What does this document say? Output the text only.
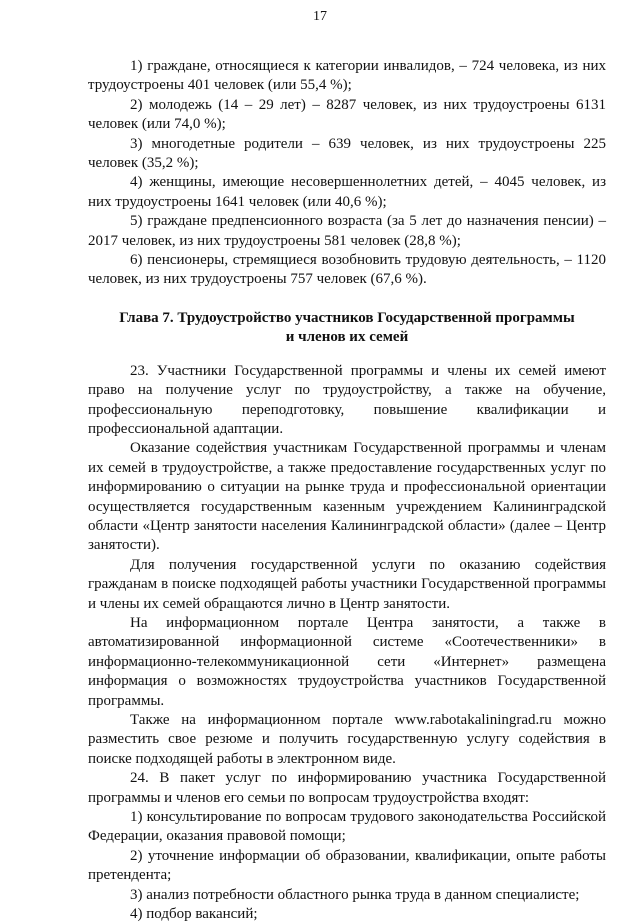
17

1) граждане, относящиеся к категории инвалидов, – 724 человека, из них трудоустроены 401 человек (или 55,4 %);

2) молодежь (14 – 29 лет) – 8287 человек, из них трудоустроены 6131 человек (или 74,0 %);

3) многодетные родители – 639 человек, из них трудоустроены 225 человек (35,2 %);

4) женщины, имеющие несовершеннолетних детей, – 4045 человек, из них трудоустроены 1641 человек (или 40,6 %);

5) граждане предпенсионного возраста (за 5 лет до назначения пенсии) – 2017 человек, из них трудоустроены 581 человек (28,8 %);

6) пенсионеры, стремящиеся возобновить трудовую деятельность, – 1120 человек, из них трудоустроены 757 человек (67,6 %).

Глава 7. Трудоустройство участников Государственной программы
и членов их семей

23. Участники Государственной программы и члены их семей имеют право на получение услуг по трудоустройству, а также на обучение, профессиональную переподготовку, повышение квалификации и профессиональной адаптации.

Оказание содействия участникам Государственной программы и членам их семей в трудоустройстве, а также предоставление государственных услуг по информированию о ситуации на рынке труда и профессиональной ориентации осуществляется государственным казенным учреждением Калининградской области «Центр занятости населения Калининградской области» (далее – Центр занятости).

Для получения государственной услуги по оказанию содействия гражданам в поиске подходящей работы участники Государственной программы и члены их семей обращаются лично в Центр занятости.

На информационном портале Центра занятости, а также в автоматизированной информационной системе «Соотечественники» в информационно-телекоммуникационной сети «Интернет» размещена информация о возможностях трудоустройства участников Государственной программы.

Также на информационном портале www.rabotakaliningrad.ru можно разместить свое резюме и получить государственную услугу содействия в поиске подходящей работы в электронном виде.

24. В пакет услуг по информированию участника Государственной программы и членов его семьи по вопросам трудоустройства входят:

1) консультирование по вопросам трудового законодательства Российской Федерации, оказания правовой помощи;

2) уточнение информации об образовании, квалификации, опыте работы претендента;

3) анализ потребности областного рынка труда в данном специалисте;

4) подбор вакансий;
